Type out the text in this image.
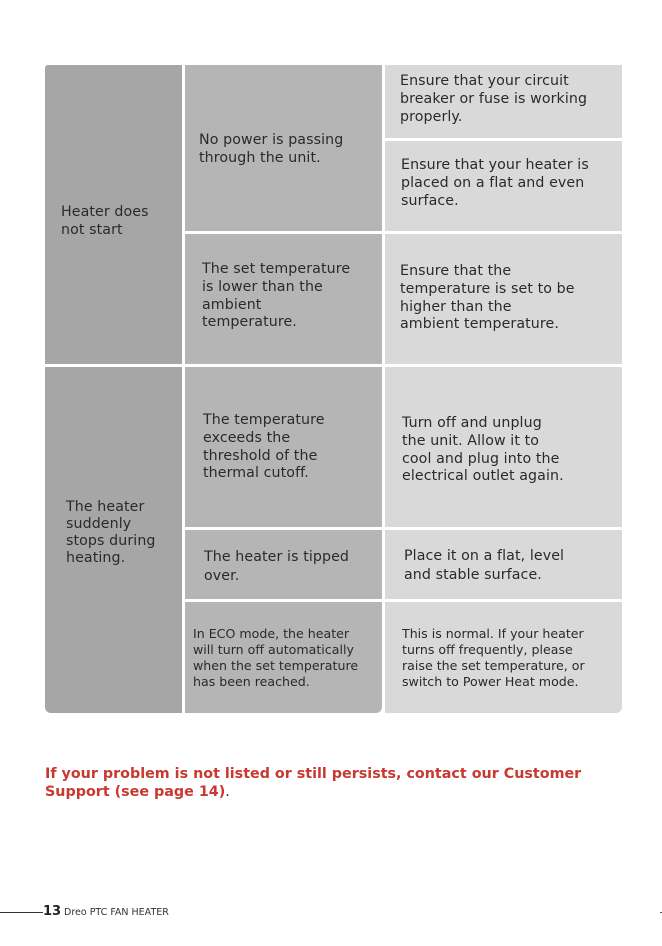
Heater does
not start
No power is passing
through the unit.
Ensure that your circuit
breaker or fuse is working
properly.
Ensure that your heater is
placed on a flat and even
surface.
The set temperature
is lower than the
ambient
temperature.
Ensure that the
temperature is set to be
higher than the
ambient temperature.
The heater
suddenly
stops during
heating.
The temperature
exceeds the
threshold of the
thermal cutoff.
Turn off and unplug
the unit. Allow it to
cool and plug into the
electrical outlet again.
The heater is tipped
over.
Place it on a flat, level
and stable surface.
In ECO mode, the heater
will turn off automatically
when the set temperature
has been reached.
This is normal. If your heater
turns off frequently, please
raise the set temperature, or
switch to Power Heat mode.

If your problem is not listed or still persists, contact our Customer Support (see page 14).

13 Dreo PTC FAN HEATER
